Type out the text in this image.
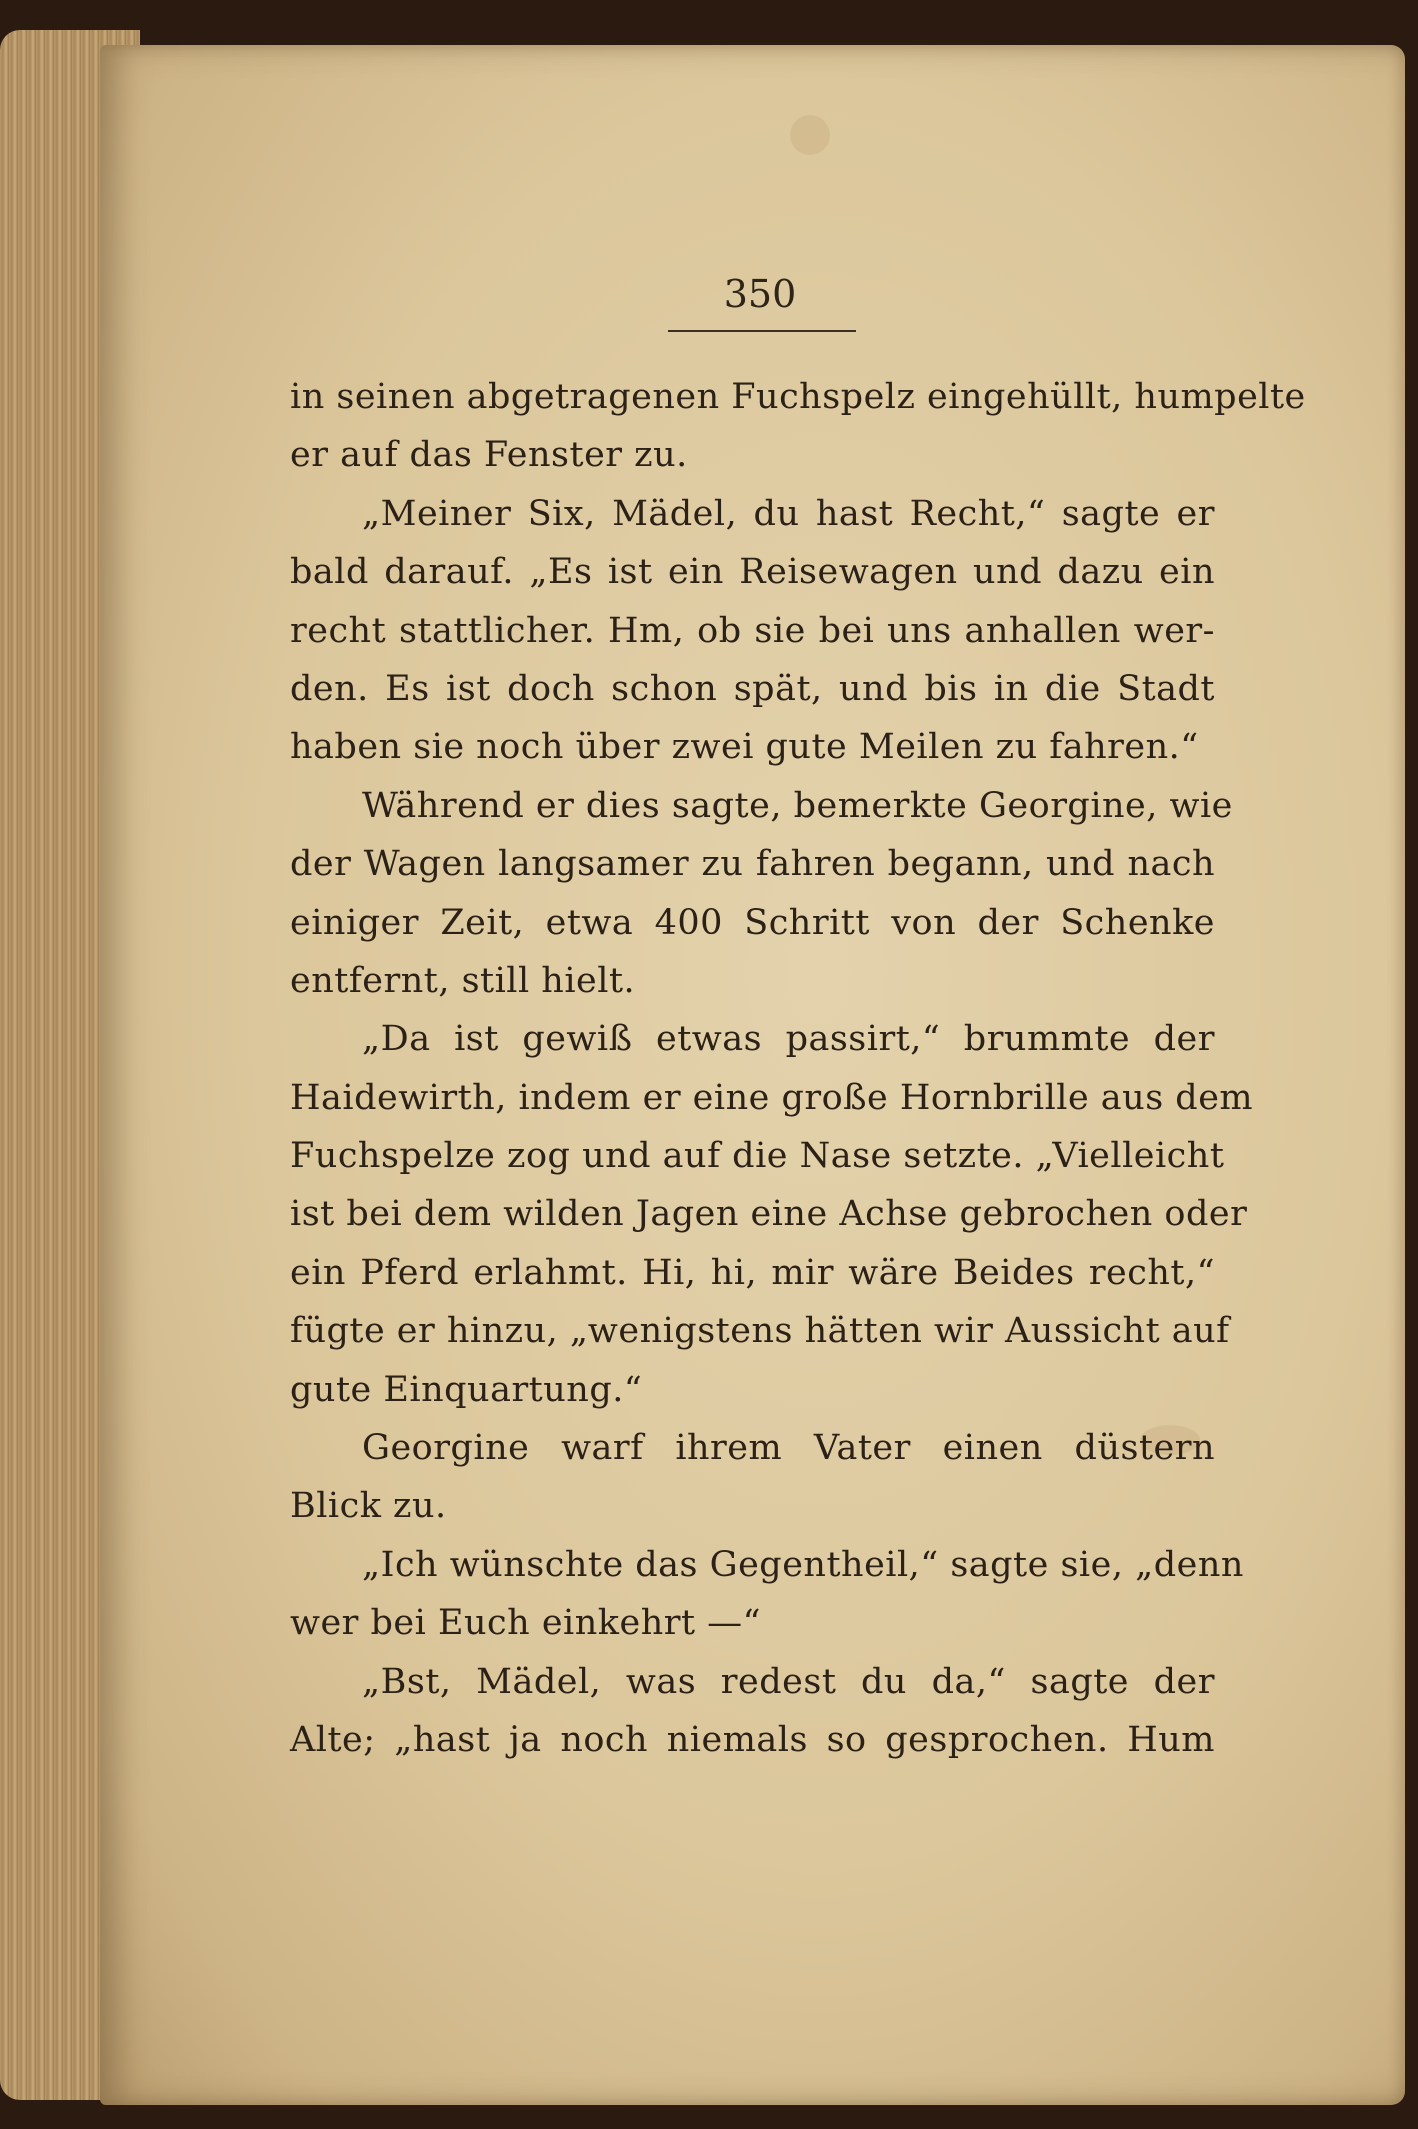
350
in seinen abgetragenen Fuchspelz eingehüllt, humpelte
er auf das Fenster zu.
„Meiner Six, Mädel, du hast Recht,“ sagte er
bald darauf. „Es ist ein Reisewagen und dazu ein
recht stattlicher. Hm, ob sie bei uns anhallen wer-
den. Es ist doch schon spät, und bis in die Stadt
haben sie noch über zwei gute Meilen zu fahren.“
Während er dies sagte, bemerkte Georgine, wie
der Wagen langsamer zu fahren begann, und nach
einiger Zeit, etwa 400 Schritt von der Schenke
entfernt, still hielt.
„Da ist gewiß etwas passirt,“ brummte der
Haidewirth, indem er eine große Hornbrille aus dem
Fuchspelze zog und auf die Nase setzte. „Vielleicht
ist bei dem wilden Jagen eine Achse gebrochen oder
ein Pferd erlahmt. Hi, hi, mir wäre Beides recht,“
fügte er hinzu, „wenigstens hätten wir Aussicht auf
gute Einquartung.“
Georgine warf ihrem Vater einen düstern
Blick zu.
„Ich wünschte das Gegentheil,“ sagte sie, „denn
wer bei Euch einkehrt —“
„Bst, Mädel, was redest du da,“ sagte der
Alte; „hast ja noch niemals so gesprochen. Hum
